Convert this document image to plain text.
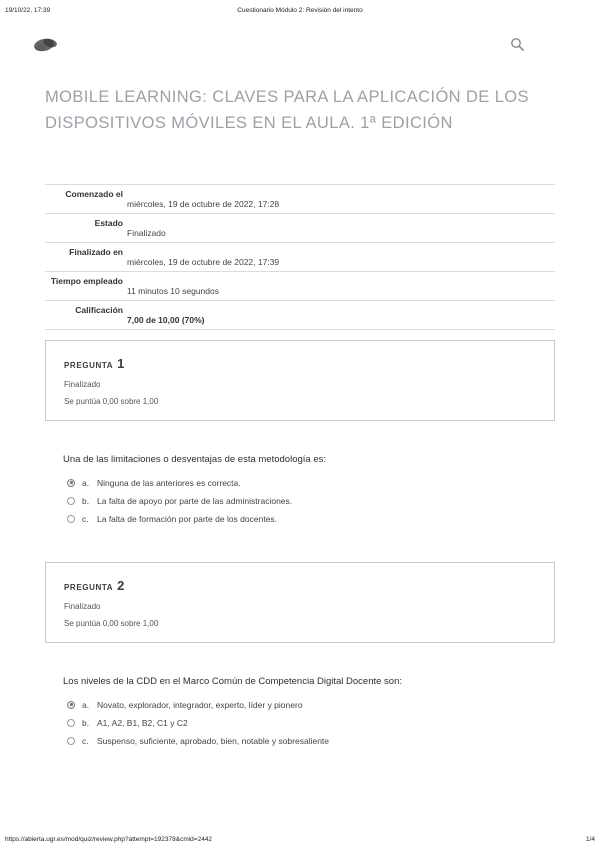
19/10/22, 17:39	Cuestionario Módulo 2: Revisión del intento
MOBILE LEARNING: CLAVES PARA LA APLICACIÓN DE LOS DISPOSITIVOS MÓVILES EN EL AULA. 1ª EDICIÓN
Comenzado el
miércoles, 19 de octubre de 2022, 17:28
Estado
Finalizado
Finalizado en
miércoles, 19 de octubre de 2022, 17:39
Tiempo empleado
11 minutos 10 segundos
Calificación
7,00 de 10,00 (70%)
PREGUNTA 1
Finalizado
Se puntúa 0,00 sobre 1,00
Una de las limitaciones o desventajas de esta metodología es:
a. Ninguna de las anteriores es correcta.
b. La falta de apoyo por parte de las administraciones.
c. La falta de formación por parte de los docentes.
PREGUNTA 2
Finalizado
Se puntúa 0,00 sobre 1,00
Los niveles de la CDD en el Marco Común de Competencia Digital Docente son:
a. Novato, explorador, integrador, experto, líder y pionero
b. A1, A2, B1, B2, C1 y C2
c. Suspenso, suficiente, aprobado, bien, notable y sobresaliente
https://abierta.ugr.es/mod/quiz/review.php?attempt=192378&cmid=2442	1/4
